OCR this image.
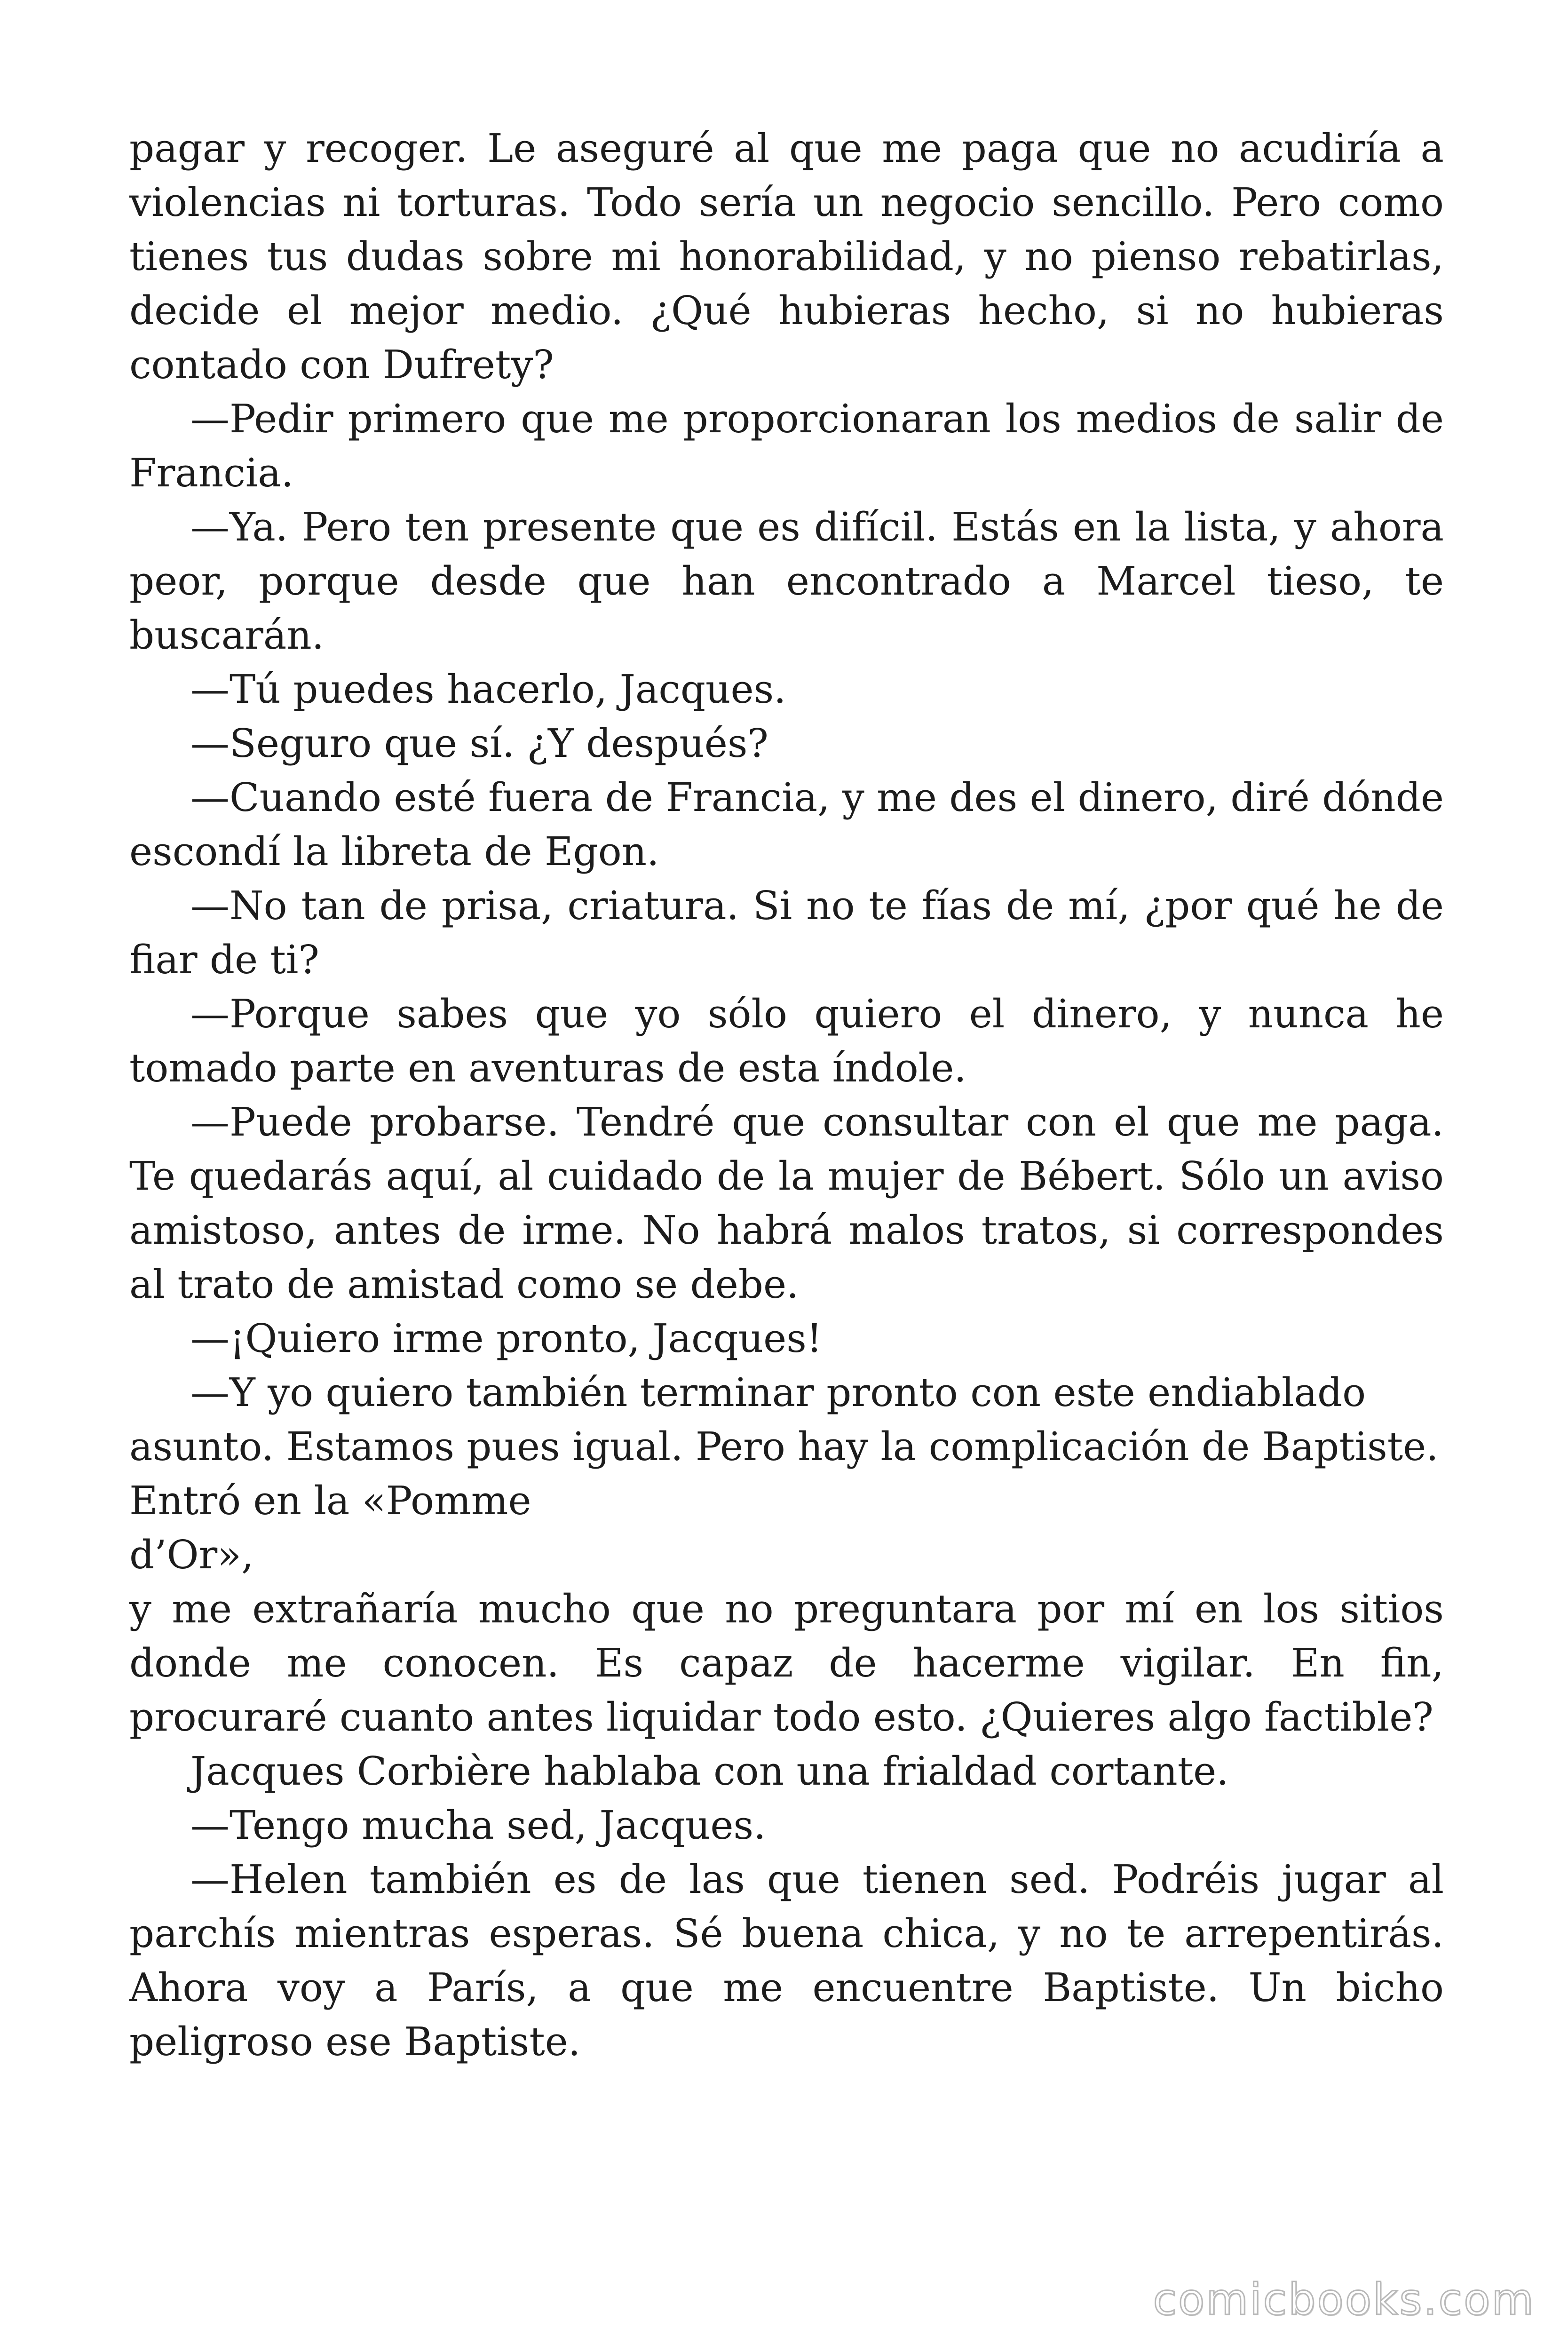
pagar y recoger. Le aseguré al que me paga que no acudiría a violencias ni torturas. Todo sería un negocio sencillo. Pero como tienes tus dudas sobre mi honorabilidad, y no pienso rebatirlas, decide el mejor medio. ¿Qué hubieras hecho, si no hubieras contado con Dufrety?

—Pedir primero que me proporcionaran los medios de salir de Francia.

—Ya. Pero ten presente que es difícil. Estás en la lista, y ahora peor, porque desde que han encontrado a Marcel tieso, te buscarán.

—Tú puedes hacerlo, Jacques.

—Seguro que sí. ¿Y después?

—Cuando esté fuera de Francia, y me des el dinero, diré dónde escondí la libreta de Egon.

—No tan de prisa, criatura. Si no te fías de mí, ¿por qué he de fiar de ti?

—Porque sabes que yo sólo quiero el dinero, y nunca he tomado parte en aventuras de esta índole.

—Puede probarse. Tendré que consultar con el que me paga. Te quedarás aquí, al cuidado de la mujer de Bébert. Sólo un aviso amistoso, antes de irme. No habrá malos tratos, si correspondes al trato de amistad como se debe.

—¡Quiero irme pronto, Jacques!

—Y yo quiero también terminar pronto con este endiablado asunto. Estamos pues igual. Pero hay la complicación de Baptiste. Entró en la «Pomme

d’Or»,

y me extrañaría mucho que no preguntara por mí en los sitios donde me conocen. Es capaz de hacerme vigilar. En fin, procuraré cuanto antes liquidar todo esto. ¿Quieres algo factible?

Jacques Corbière hablaba con una frialdad cortante.

—Tengo mucha sed, Jacques.

—Helen también es de las que tienen sed. Podréis jugar al parchís mientras esperas. Sé buena chica, y no te arrepentirás. Ahora voy a París, a que me encuentre Baptiste. Un bicho peligroso ese Baptiste.

comicbooks.com
